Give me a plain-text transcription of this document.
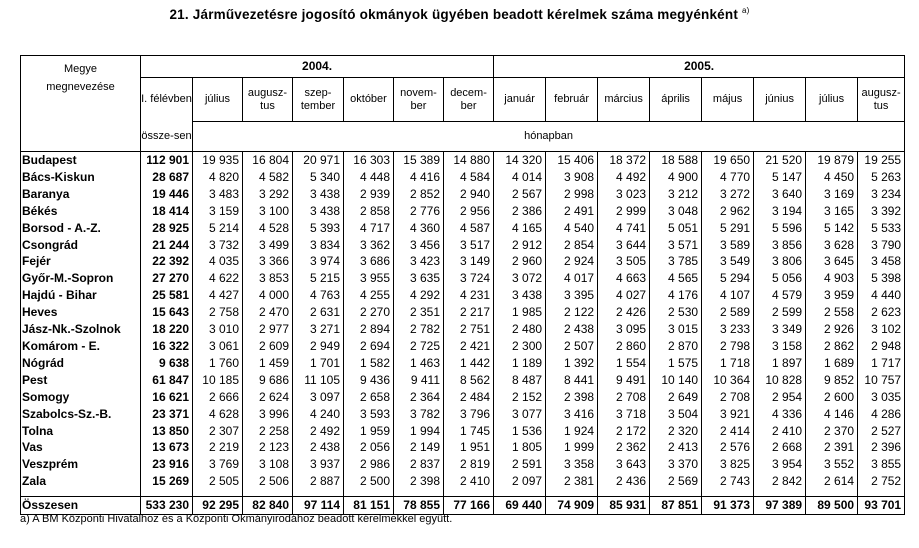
21. Járművezetésre jogosító okmányok ügyében beadott kérelmek száma megyénként $^{a)}$
Megye
megnevezése	2004.							2005.							
	I. félévben	július	augusz-tus	szep-tember	október	novem-ber	decem-ber	január	február	március	április	május	június	július	augusz-tus
	össze-sen	hónapban													
Budapest	112 901	19 935	16 804	20 971	16 303	15 389	14 880	14 320	15 406	18 372	18 588	19 650	21 520	19 879	19 255
Bács-Kiskun	28 687	4 820	4 582	5 340	4 448	4 416	4 584	4 014	3 908	4 492	4 900	4 770	5 147	4 450	5 263
Baranya	19 446	3 483	3 292	3 438	2 939	2 852	2 940	2 567	2 998	3 023	3 212	3 272	3 640	3 169	3 234
Békés	18 414	3 159	3 100	3 438	2 858	2 776	2 956	2 386	2 491	2 999	3 048	2 962	3 194	3 165	3 392
Borsod - A.-Z.	28 925	5 214	4 528	5 393	4 717	4 360	4 587	4 165	4 540	4 741	5 051	5 291	5 596	5 142	5 533
Csongrád	21 244	3 732	3 499	3 834	3 362	3 456	3 517	2 912	2 854	3 644	3 571	3 589	3 856	3 628	3 790
Fejér	22 392	4 035	3 366	3 974	3 686	3 423	3 149	2 960	2 924	3 505	3 785	3 549	3 806	3 645	3 458
Győr-M.-Sopron	27 270	4 622	3 853	5 215	3 955	3 635	3 724	3 072	4 017	4 663	4 565	5 294	5 056	4 903	5 398
Hajdú - Bihar	25 581	4 427	4 000	4 763	4 255	4 292	4 231	3 438	3 395	4 027	4 176	4 107	4 579	3 959	4 440
Heves	15 643	2 758	2 470	2 631	2 270	2 351	2 217	1 985	2 122	2 426	2 530	2 589	2 599	2 558	2 623
Jász-Nk.-Szolnok	18 220	3 010	2 977	3 271	2 894	2 782	2 751	2 480	2 438	3 095	3 015	3 233	3 349	2 926	3 102
Komárom - E.	16 322	3 061	2 609	2 949	2 694	2 725	2 421	2 300	2 507	2 860	2 870	2 798	3 158	2 862	2 948
Nógrád	9 638	1 760	1 459	1 701	1 582	1 463	1 442	1 189	1 392	1 554	1 575	1 718	1 897	1 689	1 717
Pest	61 847	10 185	9 686	11 105	9 436	9 411	8 562	8 487	8 441	9 491	10 140	10 364	10 828	9 852	10 757
Somogy	16 621	2 666	2 624	3 097	2 658	2 364	2 484	2 152	2 398	2 708	2 649	2 708	2 954	2 600	3 035
Szabolcs-Sz.-B.	23 371	4 628	3 996	4 240	3 593	3 782	3 796	3 077	3 416	3 718	3 504	3 921	4 336	4 146	4 286
Tolna	13 850	2 307	2 258	2 492	1 959	1 994	1 745	1 536	1 924	2 172	2 320	2 414	2 410	2 370	2 527
Vas	13 673	2 219	2 123	2 438	2 056	2 149	1 951	1 805	1 999	2 362	2 413	2 576	2 668	2 391	2 396
Veszprém	23 916	3 769	3 108	3 937	2 986	2 837	2 819	2 591	3 358	3 643	3 370	3 825	3 954	3 552	3 855
Zala	15 269	2 505	2 506	2 887	2 500	2 398	2 410	2 097	2 381	2 436	2 569	2 743	2 842	2 614	2 752

Összesen	533 230	92 295	82 840	97 114	81 151	78 855	77 166	69 440	74 909	85 931	87 851	91 373	97 389	89 500	93 701
a) A BM Központi Hivatalhoz és a Központi Okmányirodához beadott kérelmekkel együtt.
